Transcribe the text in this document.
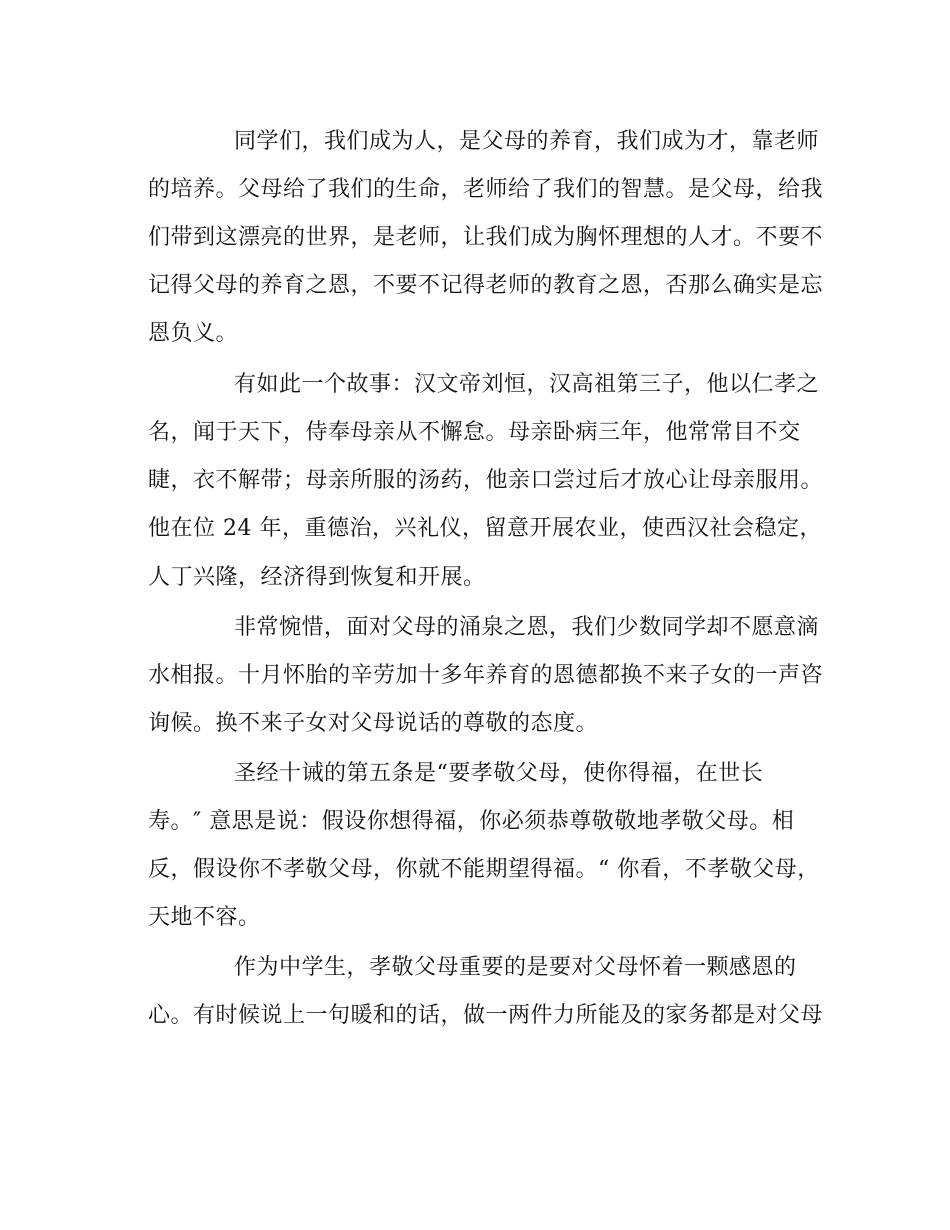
同学们，我们成为人，是父母的养育，我们成为才，靠老师
的培养。父母给了我们的生命，老师给了我们的智慧。是父母，给我
们带到这漂亮的世界，是老师，让我们成为胸怀理想的人才。不要不
记得父母的养育之恩，不要不记得老师的教育之恩，否那么确实是忘
恩负义。
有如此一个故事：汉文帝刘恒，汉高祖第三子，他以仁孝之
名，闻于天下，侍奉母亲从不懈怠。母亲卧病三年，他常常目不交
睫，衣不解带；母亲所服的汤药，他亲口尝过后才放心让母亲服用。
他在位 24 年，重德治，兴礼仪，留意开展农业，使西汉社会稳定，
人丁兴隆，经济得到恢复和开展。
非常惋惜，面对父母的涌泉之恩，我们少数同学却不愿意滴
水相报。十月怀胎的辛劳加十多年养育的恩德都换不来子女的一声咨
询候。换不来子女对父母说话的尊敬的态度。
圣经十诫的第五条是“要孝敬父母，使你得福，在世长
寿。″ 意思是说：假设你想得福，你必须恭尊敬敬地孝敬父母。相
反，假设你不孝敬父母，你就不能期望得福。“ 你看，不孝敬父母，
天地不容。
作为中学生，孝敬父母重要的是要对父母怀着一颗感恩的
心。有时候说上一句暖和的话，做一两件力所能及的家务都是对父母
